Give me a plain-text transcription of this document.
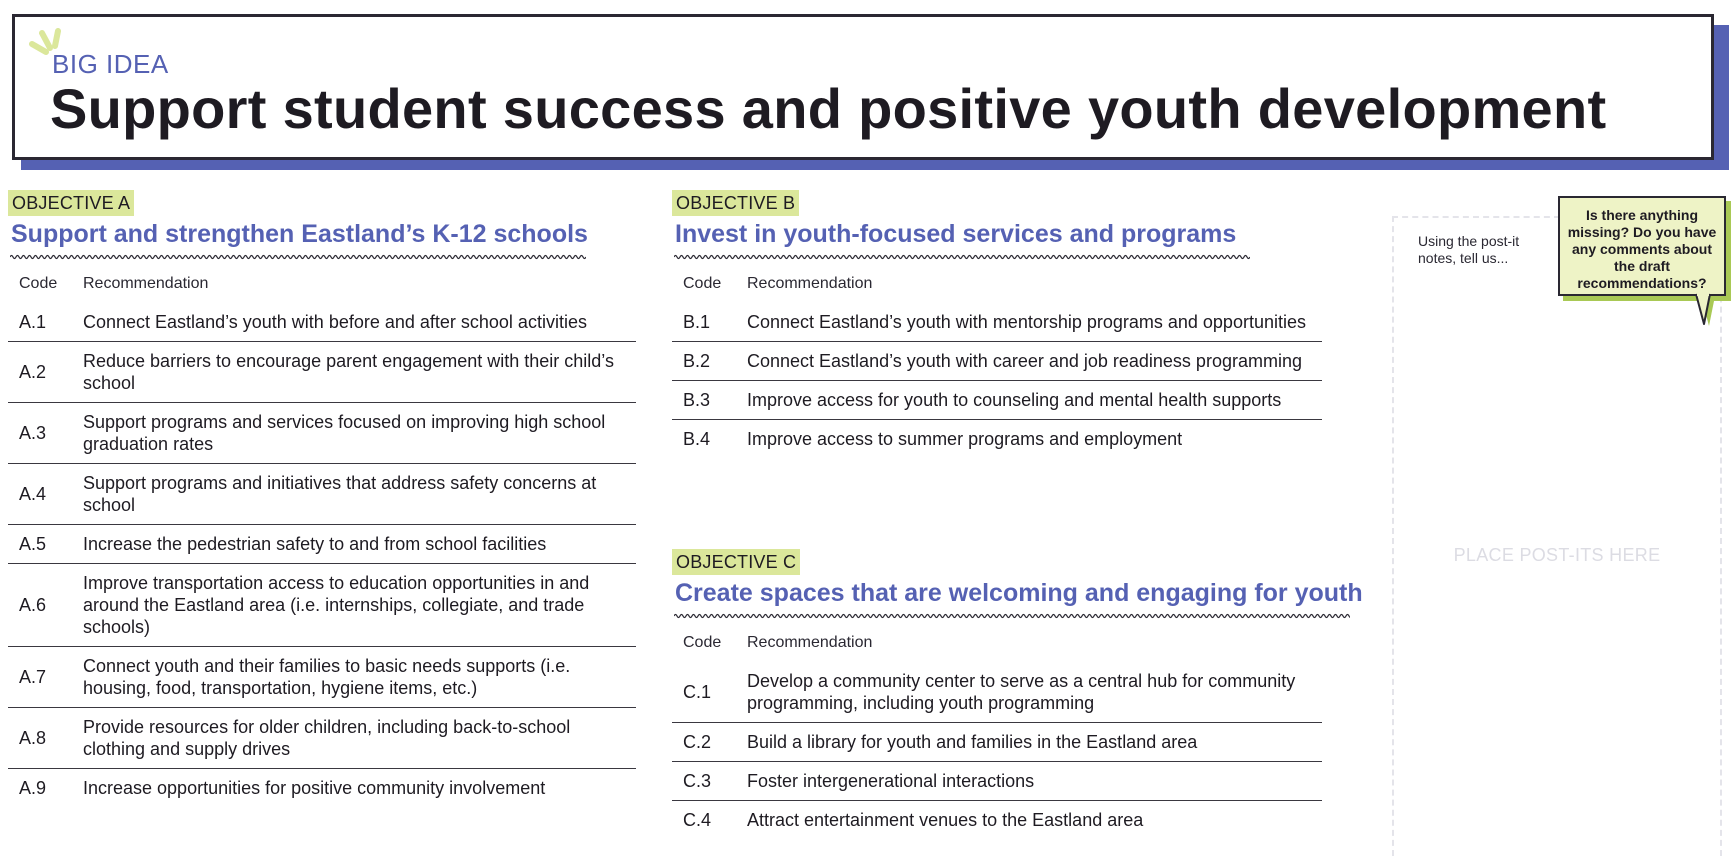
BIG IDEA
Support student success and positive youth development
OBJECTIVE A
Support and strengthen Eastland’s K-12 schools
Code	Recommendation
A.1	Connect Eastland’s youth with before and after school activities
A.2	Reduce barriers to encourage parent engagement with their child’s school
A.3	Support programs and services focused on improving high school graduation rates
A.4	Support programs and initiatives that address safety concerns at school
A.5	Increase the pedestrian safety to and from school facilities
A.6	Improve transportation access to education opportunities in and around the Eastland area (i.e. internships, collegiate, and trade schools)
A.7	Connect youth and their families to basic needs supports (i.e. housing, food, transportation, hygiene items, etc.)
A.8	Provide resources for older children, including back-to-school clothing and supply drives
A.9	Increase opportunities for positive community involvement
OBJECTIVE B
Invest in youth-focused services and programs
Code	Recommendation
B.1	Connect Eastland’s youth with mentorship programs and opportunities
B.2	Connect Eastland’s youth with career and job readiness programming
B.3	Improve access for youth to counseling and mental health supports
B.4	Improve access to summer programs and employment
OBJECTIVE C
Create spaces that are welcoming and engaging for youth
Code	Recommendation
C.1	Develop a community center to serve as a central hub for community programming, including youth programming
C.2	Build a library for youth and families in the Eastland area
C.3	Foster intergenerational interactions
C.4	Attract entertainment venues to the Eastland area
Using the post-it notes, tell us...
PLACE POST-ITS HERE
Is there anything missing? Do you have any comments about the draft recommendations?
